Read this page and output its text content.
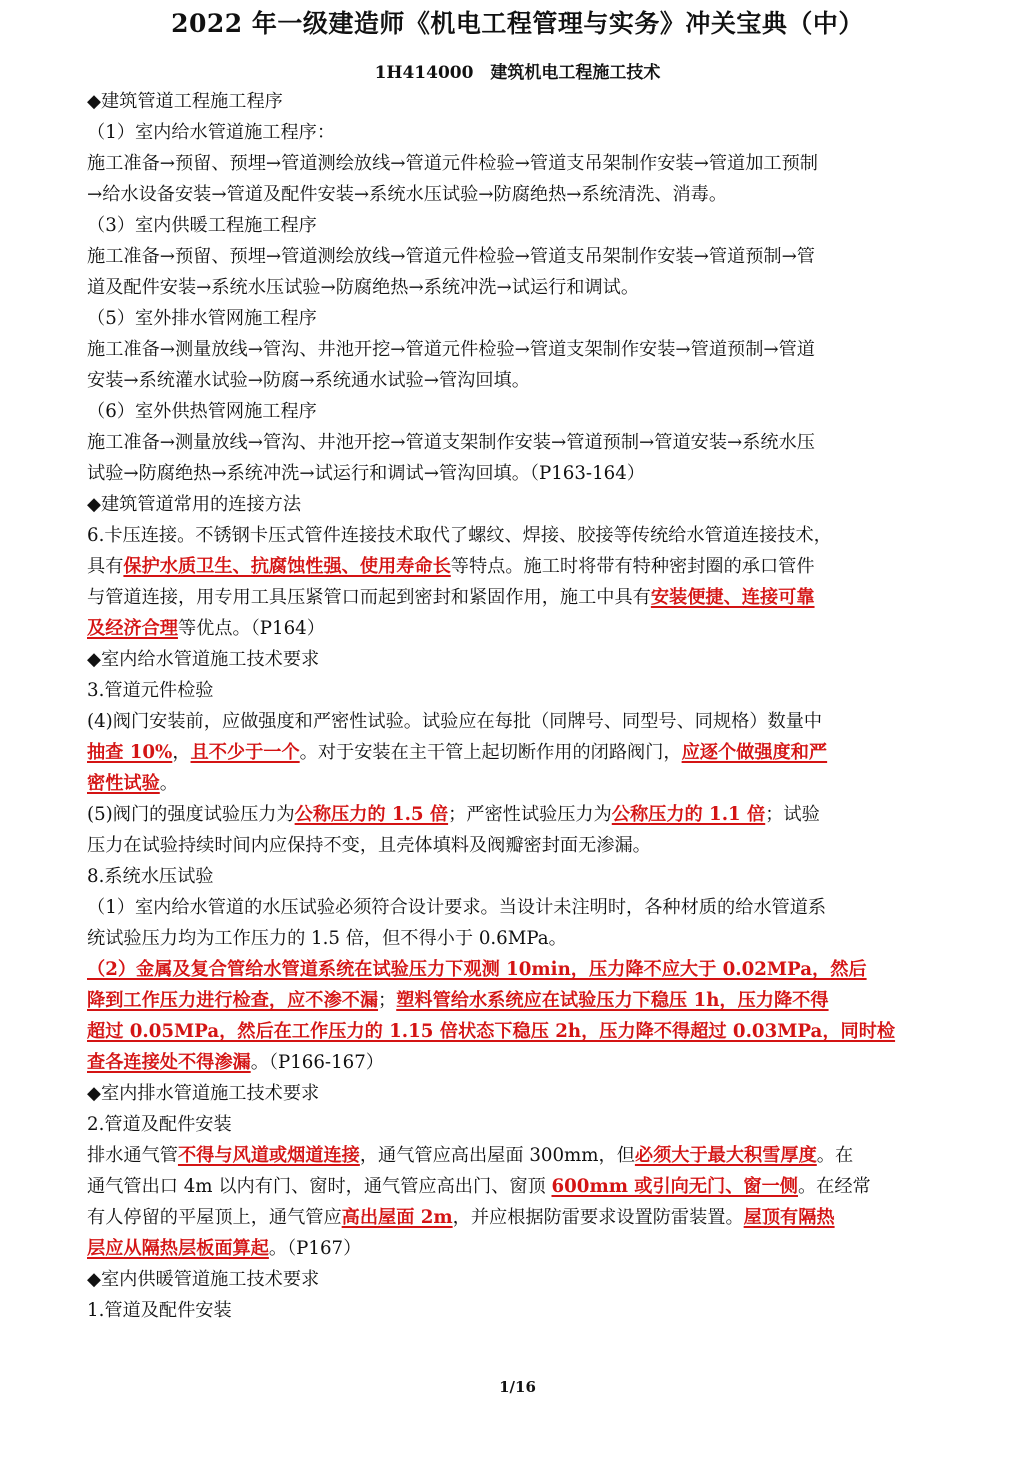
2022 年一级建造师《机电工程管理与实务》冲关宝典（中）
1H414000　建筑机电工程施工技术
◆建筑管道工程施工程序
（1）室内给水管道施工程序：
施工准备→预留、预埋→管道测绘放线→管道元件检验→管道支吊架制作安装→管道加工预制
→给水设备安装→管道及配件安装→系统水压试验→防腐绝热→系统清洗、消毒。
（3）室内供暖工程施工程序
施工准备→预留、预埋→管道测绘放线→管道元件检验→管道支吊架制作安装→管道预制→管
道及配件安装→系统水压试验→防腐绝热→系统冲洗→试运行和调试。
（5）室外排水管网施工程序
施工准备→测量放线→管沟、井池开挖→管道元件检验→管道支架制作安装→管道预制→管道
安装→系统灌水试验→防腐→系统通水试验→管沟回填。
（6）室外供热管网施工程序
施工准备→测量放线→管沟、井池开挖→管道支架制作安装→管道预制→管道安装→系统水压
试验→防腐绝热→系统冲洗→试运行和调试→管沟回填。（P163-164）
◆建筑管道常用的连接方法
6.卡压连接。不锈钢卡压式管件连接技术取代了螺纹、焊接、胶接等传统给水管道连接技术，
具有保护水质卫生、抗腐蚀性强、使用寿命长等特点。施工时将带有特种密封圈的承口管件
与管道连接，用专用工具压紧管口而起到密封和紧固作用，施工中具有安装便捷、连接可靠
及经济合理等优点。（P164）
◆室内给水管道施工技术要求
3.管道元件检验
(4)阀门安装前，应做强度和严密性试验。试验应在每批（同牌号、同型号、同规格）数量中
抽查 10%，且不少于一个。对于安装在主干管上起切断作用的闭路阀门，应逐个做强度和严
密性试验。
(5)阀门的强度试验压力为公称压力的 1.5 倍；严密性试验压力为公称压力的 1.1 倍；试验
压力在试验持续时间内应保持不变，且壳体填料及阀瓣密封面无渗漏。
8.系统水压试验
（1）室内给水管道的水压试验必须符合设计要求。当设计未注明时，各种材质的给水管道系
统试验压力均为工作压力的 1.5 倍，但不得小于 0.6MPa。
（2）金属及复合管给水管道系统在试验压力下观测 10min，压力降不应大于 0.02MPa，然后
降到工作压力进行检查，应不渗不漏；塑料管给水系统应在试验压力下稳压 1h，压力降不得
超过 0.05MPa，然后在工作压力的 1.15 倍状态下稳压 2h，压力降不得超过 0.03MPa，同时检
查各连接处不得渗漏。（P166-167）
◆室内排水管道施工技术要求
2.管道及配件安装
排水通气管不得与风道或烟道连接，通气管应高出屋面 300mm，但必须大于最大积雪厚度。在
通气管出口 4m 以内有门、窗时，通气管应高出门、窗顶 600mm 或引向无门、窗一侧。在经常
有人停留的平屋顶上，通气管应高出屋面 2m，并应根据防雷要求设置防雷装置。屋顶有隔热
层应从隔热层板面算起。（P167）
◆室内供暖管道施工技术要求
1.管道及配件安装
1/16
